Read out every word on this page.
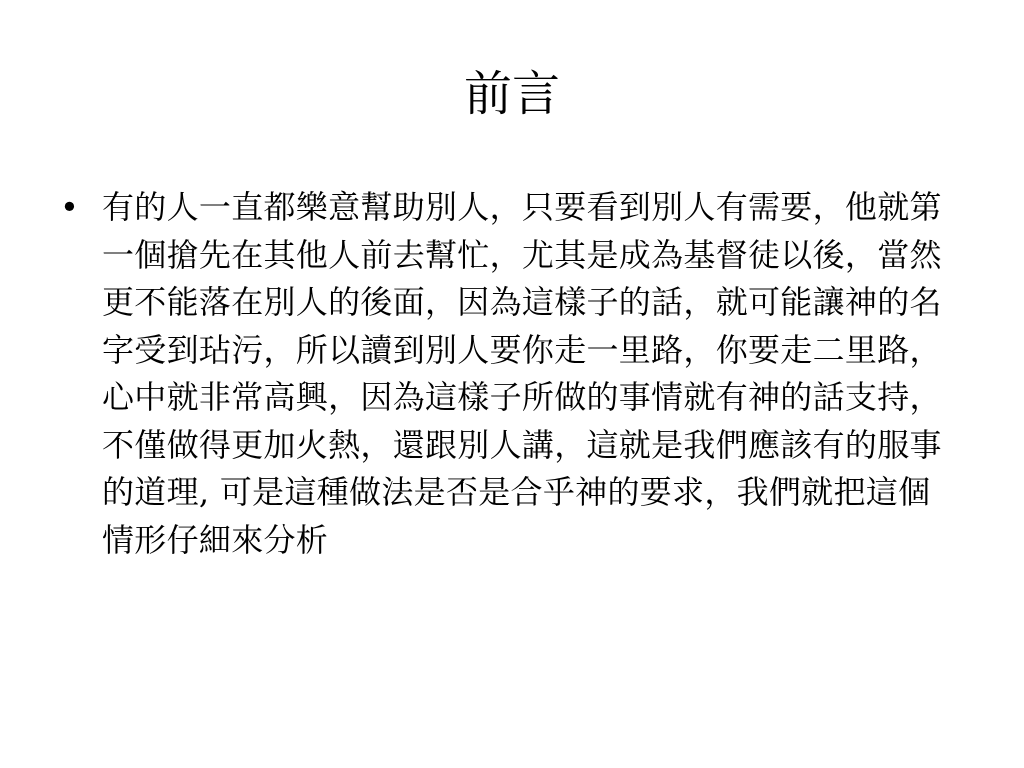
前言
• 有的人一直都樂意幫助別人，只要看到別人有需要，他就第一個搶先在其他人前去幫忙，尤其是成為基督徒以後，當然更不能落在別人的後面，因為這樣子的話，就可能讓神的名字受到玷污，所以讀到別人要你走一里路，你要走二里路，心中就非常高興，因為這樣子所做的事情就有神的話支持，不僅做得更加火熱，還跟別人講，這就是我們應該有的服事的道理, 可是這種做法是否是合乎神的要求，我們就把這個情形仔細來分析
